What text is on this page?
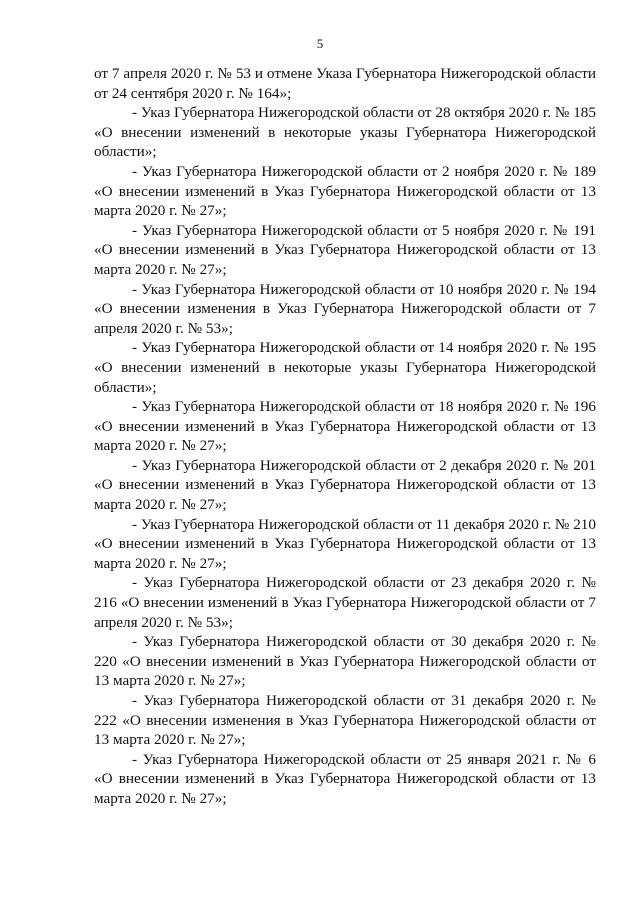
5

от 7 апреля 2020 г. № 53 и отмене Указа Губернатора Нижегородской области от 24 сентября 2020 г. № 164»;

- Указ Губернатора Нижегородской области от 28 октября 2020 г. № 185 «О внесении изменений в некоторые указы Губернатора Нижегородской области»;

- Указ Губернатора Нижегородской области от 2 ноября 2020 г. № 189 «О внесении изменений в Указ Губернатора Нижегородской области от 13 марта 2020 г. № 27»;

- Указ Губернатора Нижегородской области от 5 ноября 2020 г. № 191 «О внесении изменений в Указ Губернатора Нижегородской области от 13 марта 2020 г. № 27»;

- Указ Губернатора Нижегородской области от 10 ноября 2020 г. № 194 «О внесении изменения в Указ Губернатора Нижегородской области от 7 апреля 2020 г. № 53»;

- Указ Губернатора Нижегородской области от 14 ноября 2020 г. № 195 «О внесении изменений в некоторые указы Губернатора Нижегородской области»;

- Указ Губернатора Нижегородской области от 18 ноября 2020 г. № 196 «О внесении изменений в Указ Губернатора Нижегородской области от 13 марта 2020 г. № 27»;

- Указ Губернатора Нижегородской области от 2 декабря 2020 г. № 201 «О внесении изменений в Указ Губернатора Нижегородской области от 13 марта 2020 г. № 27»;

- Указ Губернатора Нижегородской области от 11 декабря 2020 г. № 210 «О внесении изменений в Указ Губернатора Нижегородской области от 13 марта 2020 г. № 27»;

- Указ Губернатора Нижегородской области от 23 декабря 2020 г. № 216 «О внесении изменений в Указ Губернатора Нижегородской области от 7 апреля 2020 г. № 53»;

- Указ Губернатора Нижегородской области от 30 декабря 2020 г. № 220 «О внесении изменений в Указ Губернатора Нижегородской области от 13 марта 2020 г. № 27»;

- Указ Губернатора Нижегородской области от 31 декабря 2020 г. № 222 «О внесении изменения в Указ Губернатора Нижегородской области от 13 марта 2020 г. № 27»;

- Указ Губернатора Нижегородской области от 25 января 2021 г. № 6 «О внесении изменений в Указ Губернатора Нижегородской области от 13 марта 2020 г. № 27»;
